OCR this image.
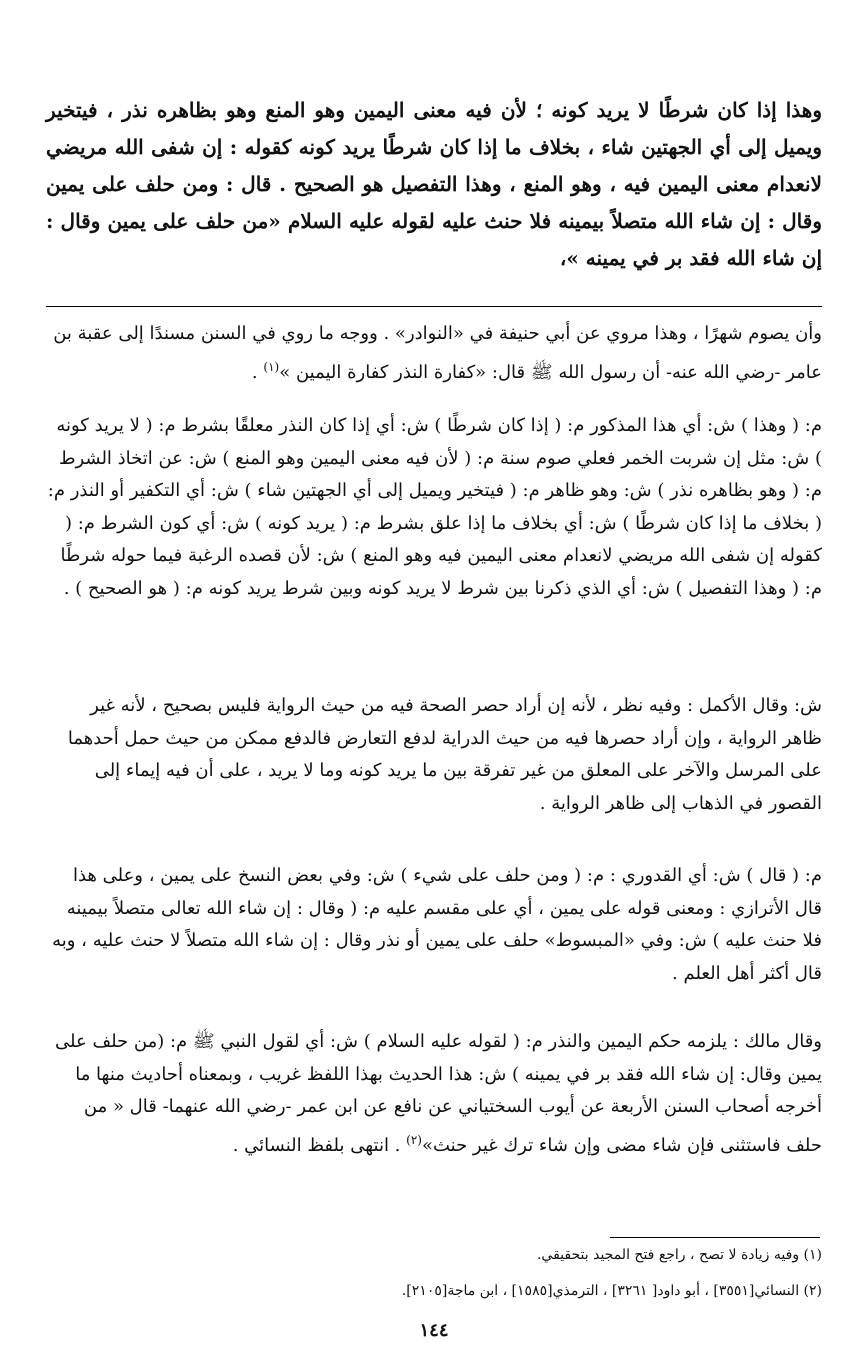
وهذا إذا كان شرطًا لا يريد كونه ؛ لأن فيه معنى اليمين وهو المنع وهو بظاهره نذر ، فيتخير ويميل إلى أي الجهتين شاء ، بخلاف ما إذا كان شرطًا يريد كونه كقوله : إن شفى الله مريضي لانعدام معنى اليمين فيه ، وهو المنع ، وهذا التفصيل هو الصحيح . قال : ومن حلف على يمين وقال : إن شاء الله متصلاً بيمينه فلا حنث عليه لقوله عليه السلام «من حلف على يمين وقال : إن شاء الله فقد بر في يمينه »،

وأن يصوم شهرًا ، وهذا مروي عن أبي حنيفة في «النوادر» . ووجه ما روي في السنن مسندًا إلى عقبة بن عامر -رضي الله عنه- أن رسول الله ﷺ قال: «كفارة النذر كفارة اليمين »$^{(١)}$ .

م: ( وهذا ) ش: أي هذا المذكور م: ( إذا كان شرطًا ) ش: أي إذا كان النذر معلقًا بشرط م: ( لا يريد كونه ) ش: مثل إن شربت الخمر فعلي صوم سنة م: ( لأن فيه معنى اليمين وهو المنع ) ش: عن اتخاذ الشرط م: ( وهو بظاهره نذر ) ش: وهو ظاهر م: ( فيتخير ويميل إلى أي الجهتين شاء ) ش: أي التكفير أو النذر م: ( بخلاف ما إذا كان شرطًا ) ش: أي بخلاف ما إذا علق بشرط م: ( يريد كونه ) ش: أي كون الشرط م: ( كقوله إن شفى الله مريضي لانعدام معنى اليمين فيه وهو المنع ) ش: لأن قصده الرغبة فيما حوله شرطًا م: ( وهذا التفصيل ) ش: أي الذي ذكرنا بين شرط لا يريد كونه وبين شرط يريد كونه م: ( هو الصحيح ) .

ش: وقال الأكمل : وفيه نظر ، لأنه إن أراد حصر الصحة فيه من حيث الرواية فليس بصحيح ، لأنه غير ظاهر الرواية ، وإن أراد حصرها فيه من حيث الدراية لدفع التعارض فالدفع ممكن من حيث حمل أحدهما على المرسل والآخر على المعلق من غير تفرقة بين ما يريد كونه وما لا يريد ، على أن فيه إيماء إلى القصور في الذهاب إلى ظاهر الرواية .

م: ( قال ) ش: أي القدوري : م: ( ومن حلف على شيء ) ش: وفي بعض النسخ على يمين ، وعلى هذا قال الأترازي : ومعنى قوله على يمين ، أي على مقسم عليه م: ( وقال : إن شاء الله تعالى متصلاً بيمينه فلا حنث عليه ) ش: وفي «المبسوط» حلف على يمين أو نذر وقال : إن شاء الله متصلاً لا حنث عليه ، وبه قال أكثر أهل العلم .

وقال مالك : يلزمه حكم اليمين والنذر م: ( لقوله عليه السلام ) ش: أي لقول النبي ﷺ م: (من حلف على يمين وقال: إن شاء الله فقد بر في يمينه ) ش: هذا الحديث بهذا اللفظ غريب ، وبمعناه أحاديث منها ما أخرجه أصحاب السنن الأربعة عن أيوب السختياني عن نافع عن ابن عمر -رضي الله عنهما- قال « من حلف فاستثنى فإن شاء مضى وإن شاء ترك غير حنث»$^{(٢)}$ . انتهى بلفظ النسائي .

(١) وفيه زيادة لا تصح ، راجع فتح المجيد بتحقيقي.
(٢) النسائي[٣٥٥١] ، أبو داود[ ٣٢٦١] ، الترمذي[١٥٨٥] ، ابن ماجة[٢١٠٥].
١٤٤
